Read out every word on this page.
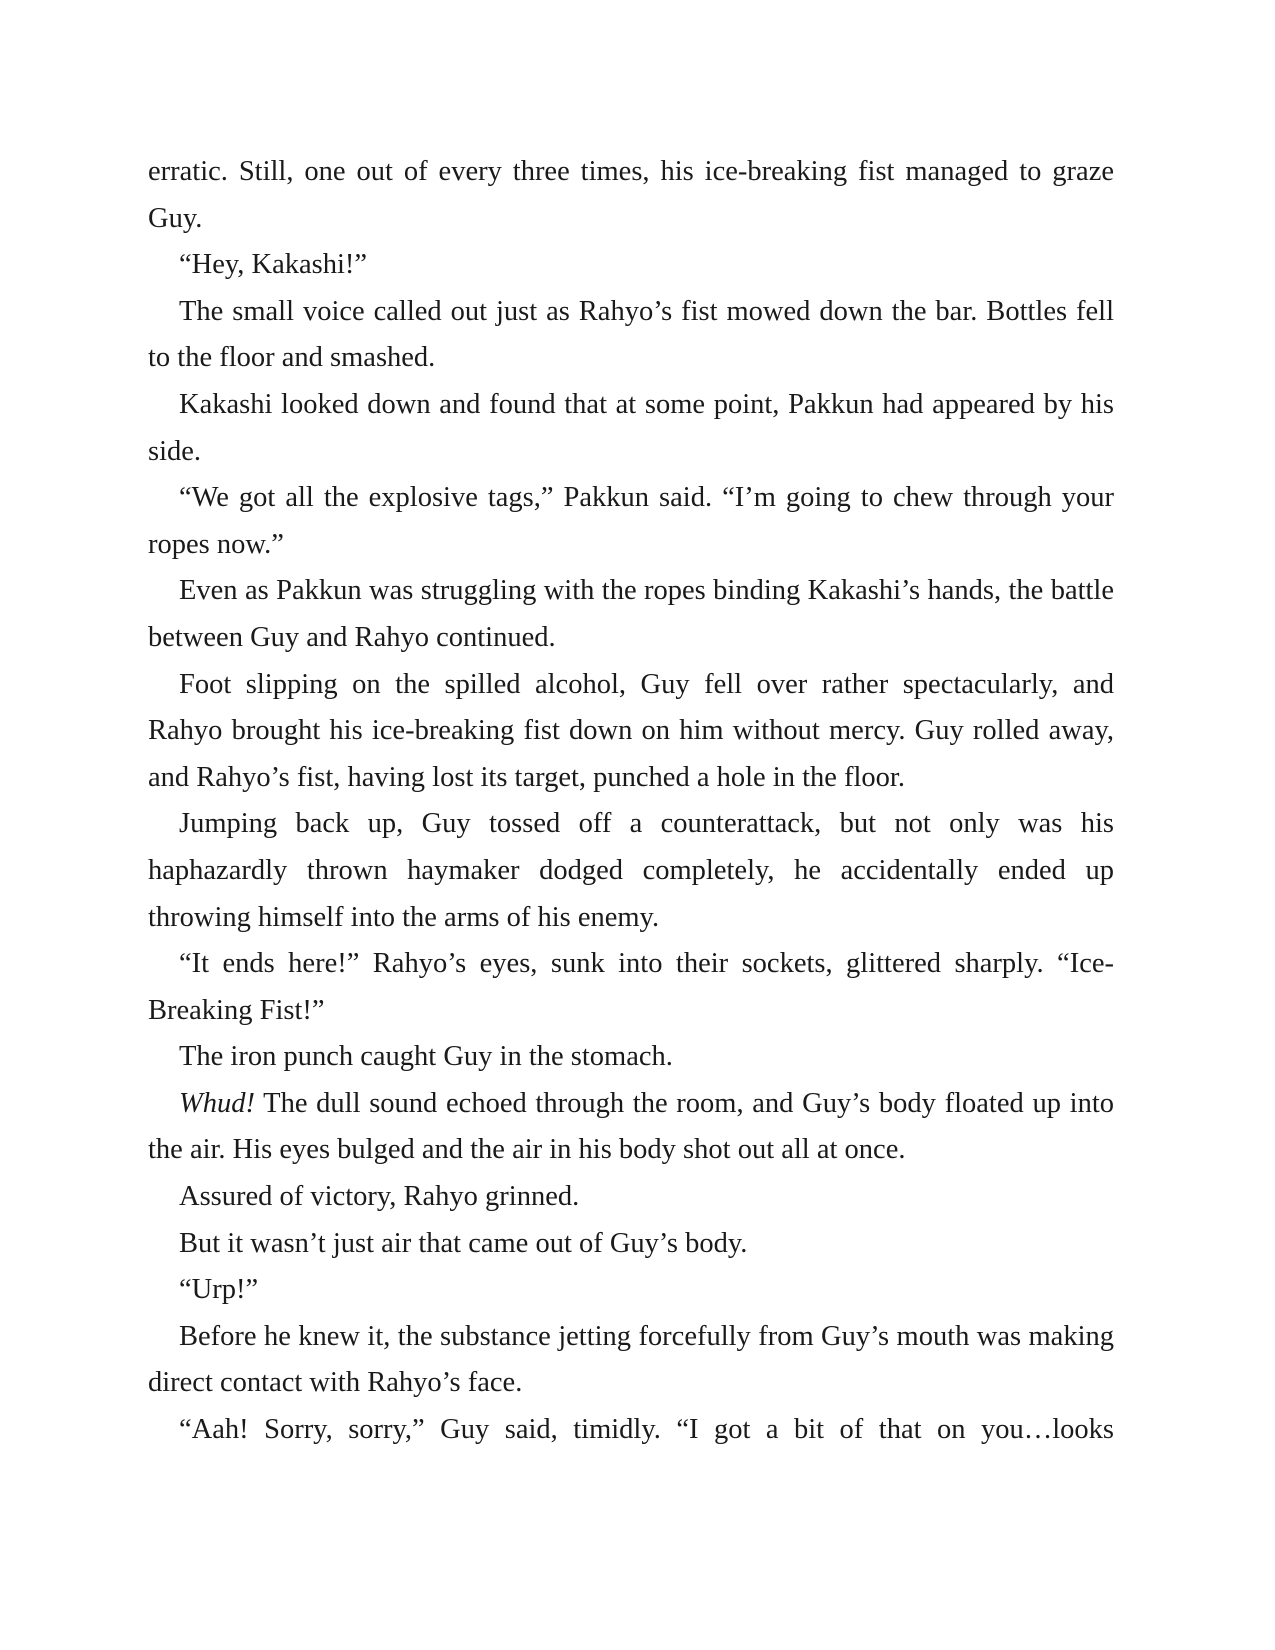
erratic. Still, one out of every three times, his ice-breaking fist managed to graze Guy.

“Hey, Kakashi!”

The small voice called out just as Rahyo’s fist mowed down the bar. Bottles fell to the floor and smashed.

Kakashi looked down and found that at some point, Pakkun had appeared by his side.

“We got all the explosive tags,” Pakkun said. “I’m going to chew through your ropes now.”

Even as Pakkun was struggling with the ropes binding Kakashi’s hands, the battle between Guy and Rahyo continued.

Foot slipping on the spilled alcohol, Guy fell over rather spectacularly, and Rahyo brought his ice-breaking fist down on him without mercy. Guy rolled away, and Rahyo’s fist, having lost its target, punched a hole in the floor.

Jumping back up, Guy tossed off a counterattack, but not only was his haphazardly thrown haymaker dodged completely, he accidentally ended up throwing himself into the arms of his enemy.

“It ends here!” Rahyo’s eyes, sunk into their sockets, glittered sharply. “Ice-Breaking Fist!”

The iron punch caught Guy in the stomach.

Whud! The dull sound echoed through the room, and Guy’s body floated up into the air. His eyes bulged and the air in his body shot out all at once.

Assured of victory, Rahyo grinned.

But it wasn’t just air that came out of Guy’s body.

“Urp!”

Before he knew it, the substance jetting forcefully from Guy’s mouth was making direct contact with Rahyo’s face.

“Aah! Sorry, sorry,” Guy said, timidly. “I got a bit of that on you…looks
